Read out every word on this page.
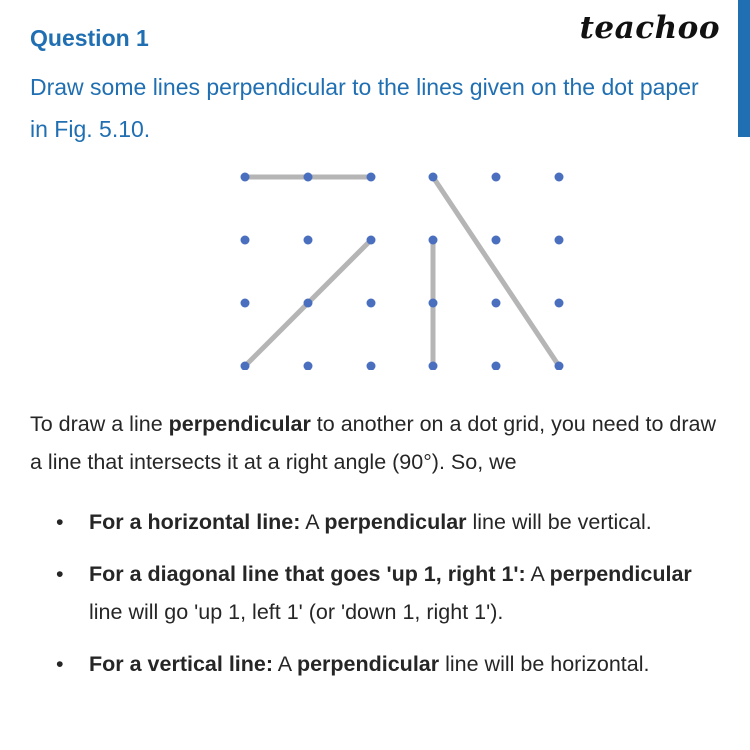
teachoo
Question 1

Draw some lines perpendicular to the lines given on the dot paper in Fig. 5.10.

To draw a line perpendicular to another on a dot grid, you need to draw a line that intersects it at a right angle (90°). So, we

• For a horizontal line: A perpendicular line will be vertical.
• For a diagonal line that goes 'up 1, right 1': A perpendicular line will go 'up 1, left 1' (or 'down 1, right 1').
• For a vertical line: A perpendicular line will be horizontal.
